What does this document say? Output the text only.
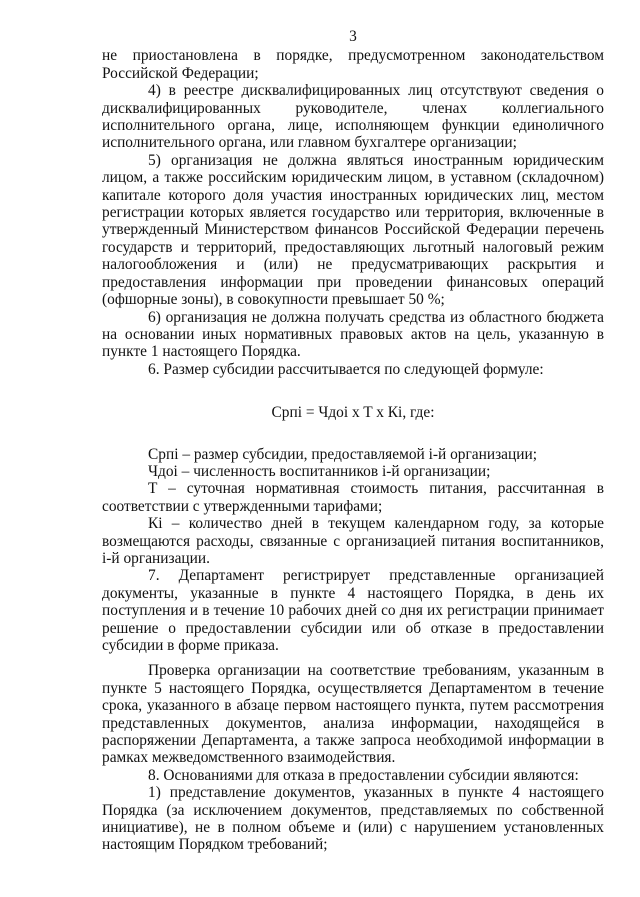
3

не приостановлена в порядке, предусмотренном законодательством Российской Федерации;

4) в реестре дисквалифицированных лиц отсутствуют сведения о дисквалифицированных руководителе, членах коллегиального исполнительного органа, лице, исполняющем функции единоличного исполнительного органа, или главном бухгалтере организации;

5) организация не должна являться иностранным юридическим лицом, а также российским юридическим лицом, в уставном (складочном) капитале которого доля участия иностранных юридических лиц, местом регистрации которых является государство или территория, включенные в утвержденный Министерством финансов Российской Федерации перечень государств и территорий, предоставляющих льготный налоговый режим налогообложения и (или) не предусматривающих раскрытия и предоставления информации при проведении финансовых операций (офшорные зоны), в совокупности превышает 50 %;

6) организация не должна получать средства из областного бюджета на основании иных нормативных правовых актов на цель, указанную в пункте 1 настоящего Порядка.

6. Размер субсидии рассчитывается по следующей формуле:

Српі = Чдоі x T x Кі, где:

Српі – размер субсидии, предоставляемой і-й организации;

Чдоі – численность воспитанников і-й организации;

T – суточная нормативная стоимость питания, рассчитанная в соответствии с утвержденными тарифами;

Кі – количество дней в текущем календарном году, за которые возмещаются расходы, связанные с организацией питания воспитанников, і-й организации.

7. Департамент регистрирует представленные организацией документы, указанные в пункте 4 настоящего Порядка, в день их поступления и в течение 10 рабочих дней со дня их регистрации принимает решение о предоставлении субсидии или об отказе в предоставлении субсидии в форме приказа.

Проверка организации на соответствие требованиям, указанным в пункте 5 настоящего Порядка, осуществляется Департаментом в течение срока, указанного в абзаце первом настоящего пункта, путем рассмотрения представленных документов, анализа информации, находящейся в распоряжении Департамента, а также запроса необходимой информации в рамках межведомственного взаимодействия.

8. Основаниями для отказа в предоставлении субсидии являются:

1) представление документов, указанных в пункте 4 настоящего Порядка (за исключением документов, представляемых по собственной инициативе), не в полном объеме и (или) с нарушением установленных настоящим Порядком требований;
